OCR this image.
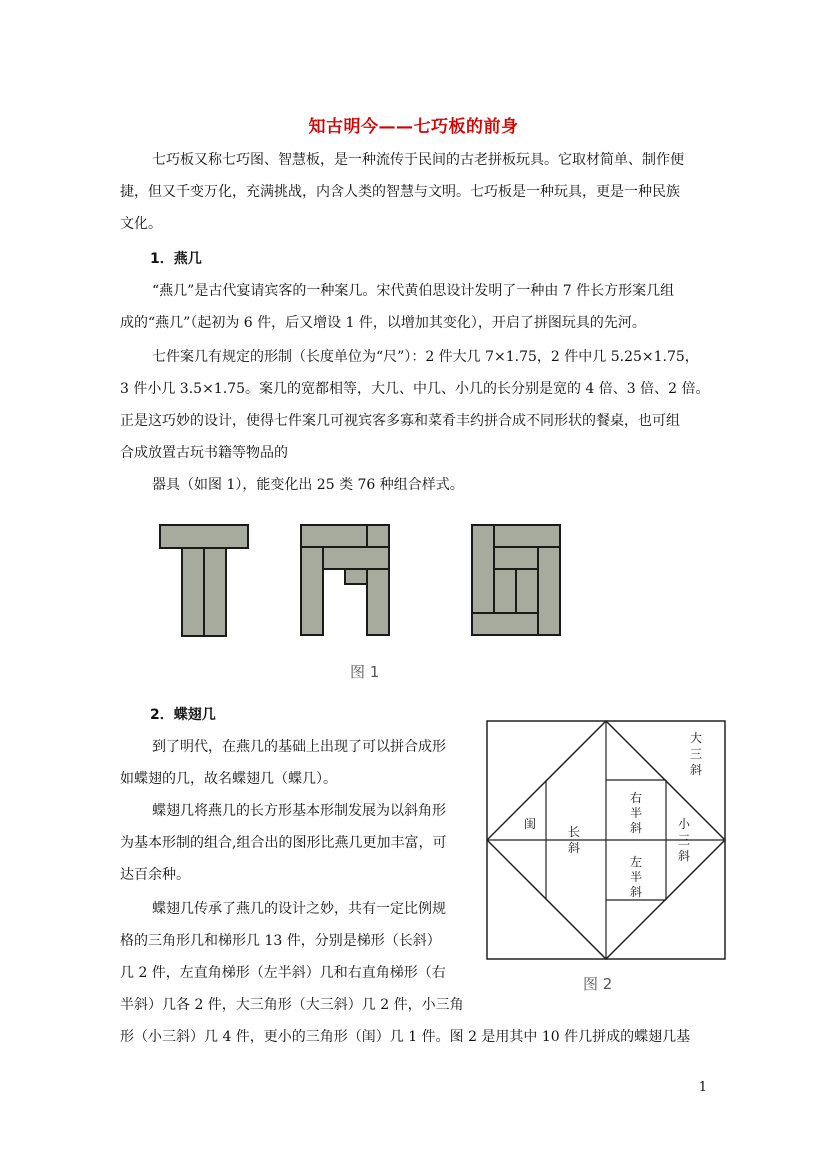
知古明今——七巧板的前身
七巧板又称七巧图、智慧板，是一种流传于民间的古老拼板玩具。它取材简单、制作便
捷，但又千变万化，充满挑战，内含人类的智慧与文明。七巧板是一种玩具，更是一种民族
文化。
1．燕几
“燕几”是古代宴请宾客的一种案几。宋代黄伯思设计发明了一种由 7 件长方形案几组
成的“燕几”（起初为 6 件，后又增设 1 件，以增加其变化），开启了拼图玩具的先河。
七件案几有规定的形制（长度单位为“尺”）：2 件大几 7×1.75，2 件中几 5.25×1.75，
3 件小几 3.5×1.75。案几的宽都相等，大几、中几、小几的长分别是宽的 4 倍、3 倍、2 倍。
正是这巧妙的设计，使得七件案几可视宾客多寡和菜肴丰约拼合成不同形状的餐桌，也可组
合成放置古玩书籍等物品的
器具（如图 1），能变化出 25 类 76 种组合样式。
图 1
2．蝶翅几
到了明代，在燕几的基础上出现了可以拼合成形
如蝶翅的几，故名蝶翅几（蝶几）。
蝶翅几将燕几的长方形基本形制发展为以斜角形
为基本形制的组合,组合出的图形比燕几更加丰富，可
达百余种。
蝶翅几传承了燕几的设计之妙，共有一定比例规
格的三角形几和梯形几 13 件，分别是梯形（长斜）
几 2 件，左直角梯形（左半斜）几和右直角梯形（右
半斜）几各 2 件，大三角形（大三斜）几 2 件，小三角
形（小三斜）几 4 件，更小的三角形（闺）几 1 件。图 2 是用其中 10 件几拼成的蝶翅几基
大
三
斜
右
半
斜	小
三
斜
闺
长
斜
左
半
斜
图 2
1
